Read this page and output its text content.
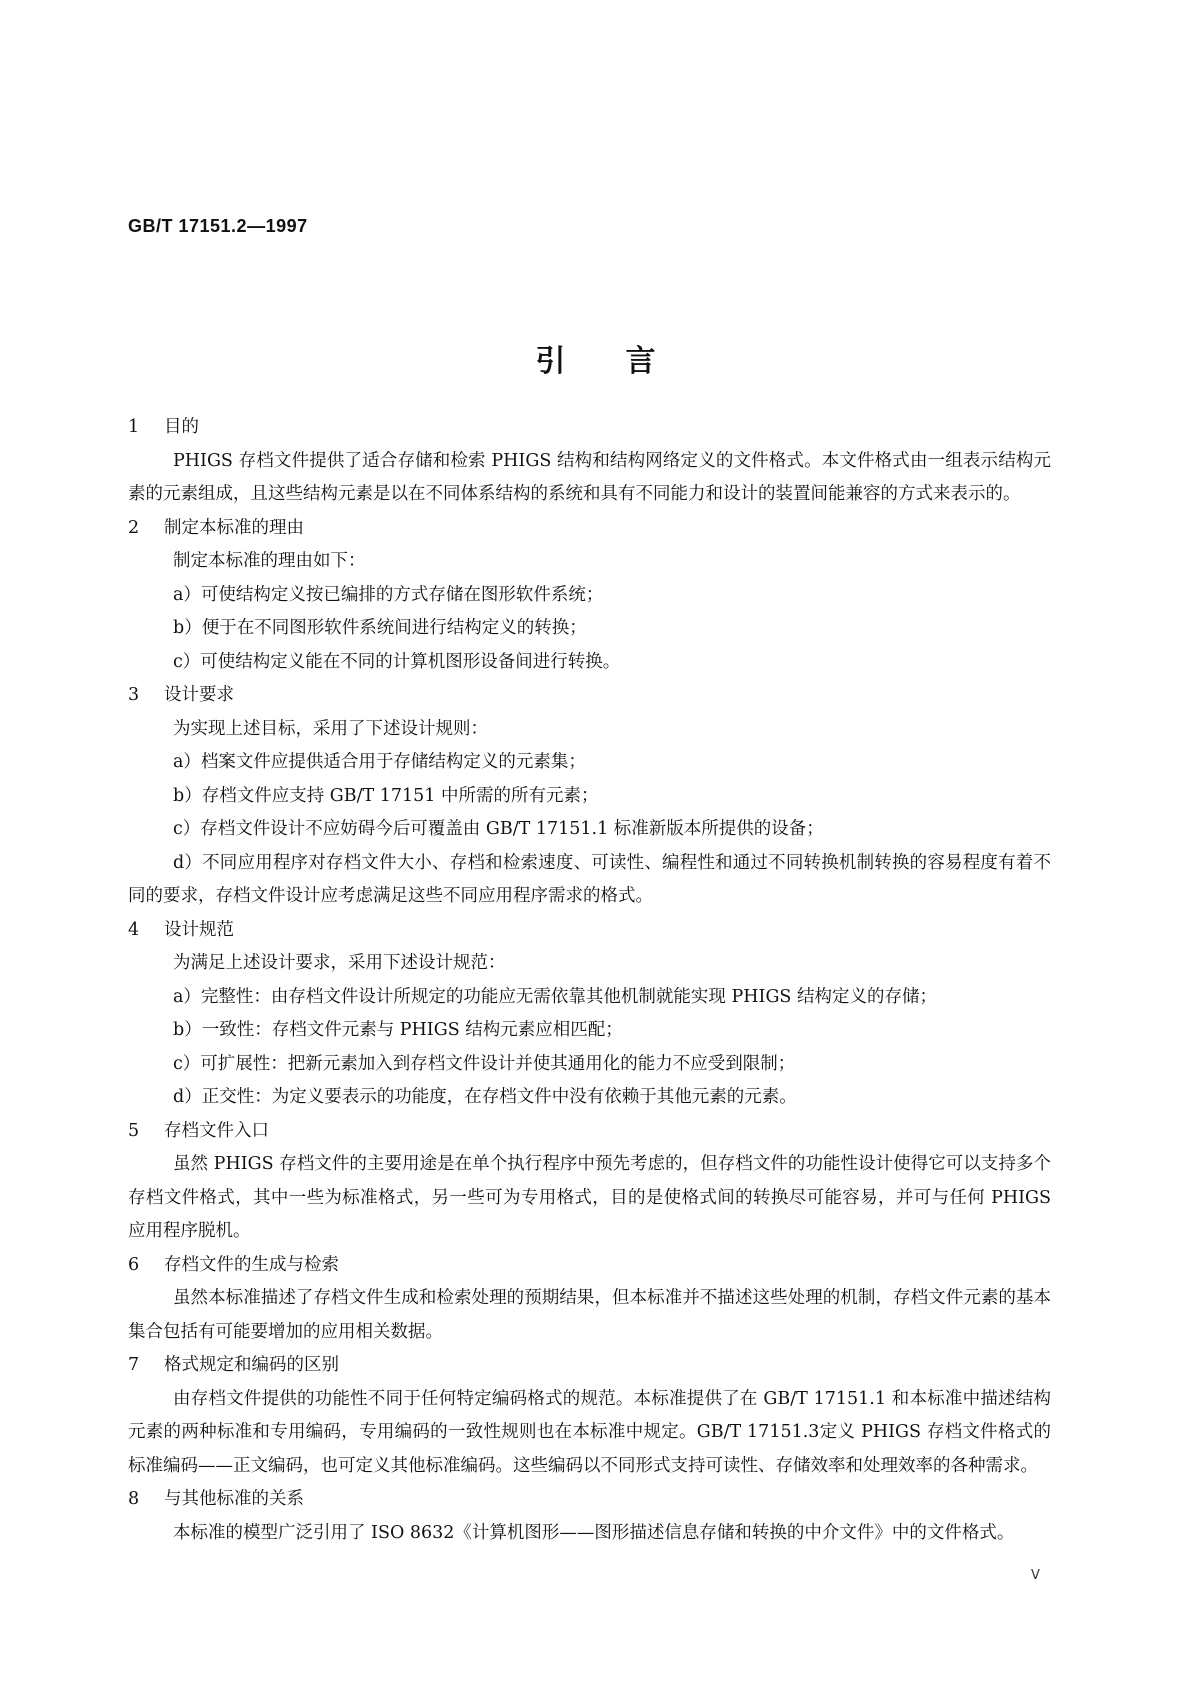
GB/T 17151.2—1997
引言
1 目的
PHIGS 存档文件提供了适合存储和检索 PHIGS 结构和结构网络定义的文件格式。本文件格式由一组表示结构元素的元素组成，且这些结构元素是以在不同体系结构的系统和具有不同能力和设计的装置间能兼容的方式来表示的。
2 制定本标准的理由
制定本标准的理由如下：
a）可使结构定义按已编排的方式存储在图形软件系统；
b）便于在不同图形软件系统间进行结构定义的转换；
c）可使结构定义能在不同的计算机图形设备间进行转换。
3 设计要求
为实现上述目标，采用了下述设计规则：
a）档案文件应提供适合用于存储结构定义的元素集；
b）存档文件应支持 GB/T 17151 中所需的所有元素；
c）存档文件设计不应妨碍今后可覆盖由 GB/T 17151.1 标准新版本所提供的设备；
d）不同应用程序对存档文件大小、存档和检索速度、可读性、编程性和通过不同转换机制转换的容易程度有着不同的要求，存档文件设计应考虑满足这些不同应用程序需求的格式。
4 设计规范
为满足上述设计要求，采用下述设计规范：
a）完整性：由存档文件设计所规定的功能应无需依靠其他机制就能实现 PHIGS 结构定义的存储；
b）一致性：存档文件元素与 PHIGS 结构元素应相匹配；
c）可扩展性：把新元素加入到存档文件设计并使其通用化的能力不应受到限制；
d）正交性：为定义要表示的功能度，在存档文件中没有依赖于其他元素的元素。
5 存档文件入口
虽然 PHIGS 存档文件的主要用途是在单个执行程序中预先考虑的，但存档文件的功能性设计使得它可以支持多个存档文件格式，其中一些为标准格式，另一些可为专用格式，目的是使格式间的转换尽可能容易，并可与任何 PHIGS 应用程序脱机。
6 存档文件的生成与检索
虽然本标准描述了存档文件生成和检索处理的预期结果，但本标准并不描述这些处理的机制，存档文件元素的基本集合包括有可能要增加的应用相关数据。
7 格式规定和编码的区别
由存档文件提供的功能性不同于任何特定编码格式的规范。本标准提供了在 GB/T 17151.1 和本标准中描述结构元素的两种标准和专用编码，专用编码的一致性规则也在本标准中规定。GB/T 17151.3定义 PHIGS 存档文件格式的标准编码——正文编码，也可定义其他标准编码。这些编码以不同形式支持可读性、存储效率和处理效率的各种需求。
8 与其他标准的关系
本标准的模型广泛引用了 ISO 8632《计算机图形——图形描述信息存储和转换的中介文件》中的文件格式。
V
